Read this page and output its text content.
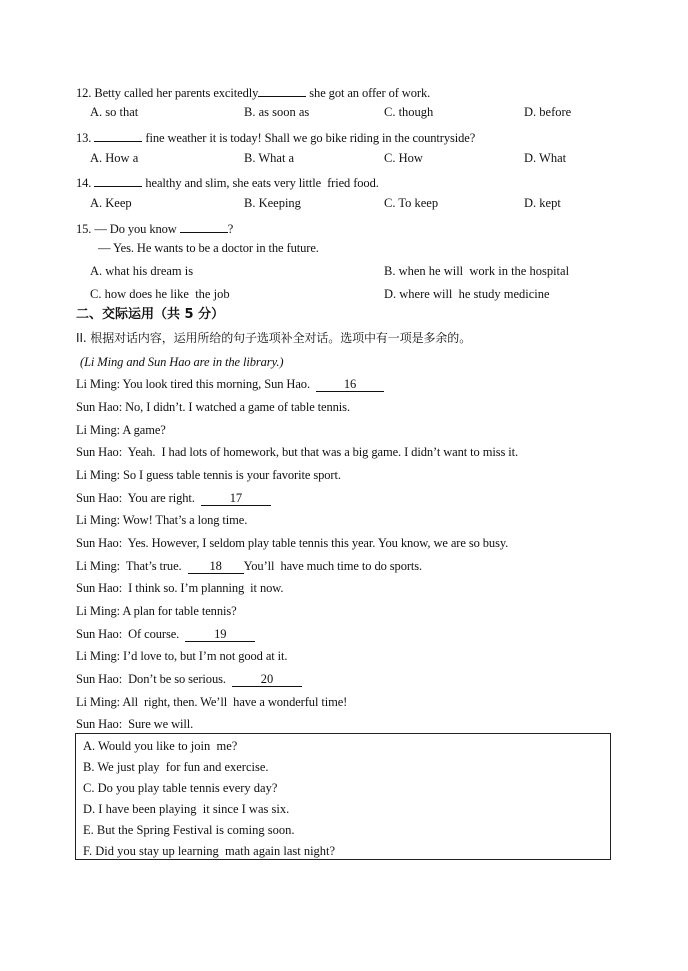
12. Betty called her parents excitedly	she got an offer of work.
A. so that	B. as soon as	C. though	D. before
13.	fine weather it is today! Shall we go bike riding in the countryside?
A. How a	B. What a	C. How	D. What
14.	healthy and slim, she eats very little  fried food.
A. Keep	B. Keeping	C. To keep	D. kept
15. — Do you know	?
— Yes. He wants to be a doctor in the future.
A. what his dream is	B. when he will  work in the hospital
C. how does he like  the job	D. where will  he study medicine
二、交际运用（共 5 分）
II. 根据对话内容，运用所给的句子选项补全对话。选项中有一项是多余的。
(Li Ming and Sun Hao are in the library.)
Li Ming: You look tired this morning, Sun Hao.  16
Sun Hao: No, I didn’t. I watched a game of table tennis.
Li Ming: A game?
Sun Hao:  Yeah.  I had lots of homework, but that was a big game. I didn’t want to miss it.
Li Ming: So I guess table tennis is your favorite sport.
Sun Hao:  You are right.  17
Li Ming: Wow! That’s a long time.
Sun Hao:  Yes. However, I seldom play table tennis this year. You know, we are so busy.
Li Ming:  That’s true.  18 You’ll  have much time to do sports.
Sun Hao:  I think so. I’m planning  it now.
Li Ming: A plan for table tennis?
Sun Hao:  Of course.  19
Li Ming: I’d love to, but I’m not good at it.
Sun Hao:  Don’t be so serious.  20
Li Ming: All  right, then. We’ll  have a wonderful time!
Sun Hao:  Sure we will.
A. Would you like to join  me?
B. We just play  for fun and exercise.
C. Do you play table tennis every day?
D. I have been playing  it since I was six.
E. But the Spring Festival is coming soon.
F. Did you stay up learning  math again last night?
